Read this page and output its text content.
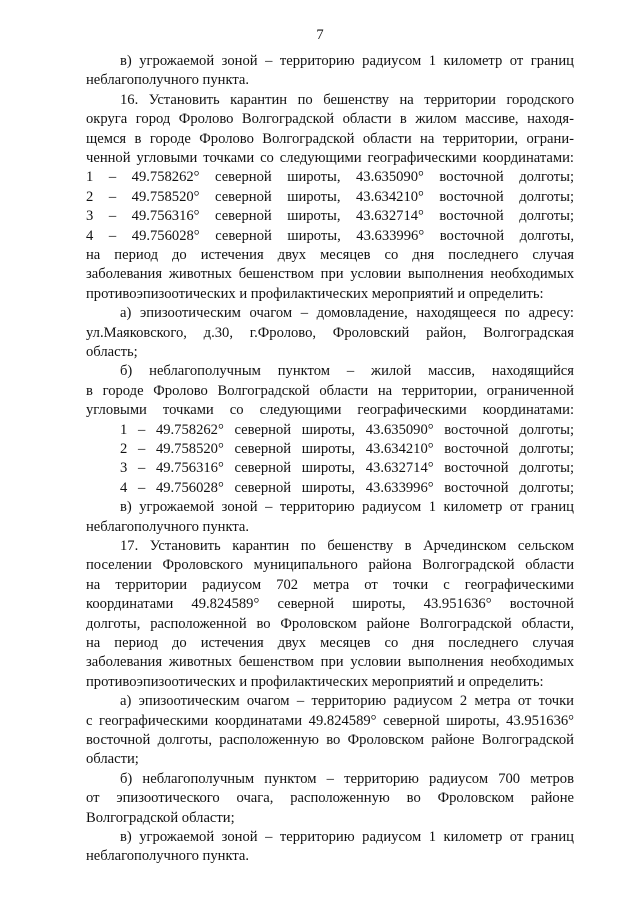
7
в) угрожаемой зоной – территорию радиусом 1 километр от границ
неблагополучного пункта.
16. Установить карантин по бешенству на территории городского
округа город Фролово Волгоградской области в жилом массиве, находя-
щемся в городе Фролово Волгоградской области на территории, ограни-
ченной угловыми точками со следующими географическими координатами:
1 – 49.758262° северной широты, 43.635090° восточной долготы;
2 – 49.758520° северной широты, 43.634210° восточной долготы;
3 – 49.756316° северной широты, 43.632714° восточной долготы;
4 – 49.756028° северной широты, 43.633996° восточной долготы,
на период до истечения двух месяцев со дня последнего случая
заболевания животных бешенством при условии выполнения необходимых
противоэпизоотических и профилактических мероприятий и определить:
а) эпизоотическим очагом – домовладение, находящееся по адресу:
ул.Маяковского, д.30, г.Фролово, Фроловский район, Волгоградская
область;
б) неблагополучным пунктом – жилой массив, находящийся
в городе Фролово Волгоградской области на территории, ограниченной
угловыми точками со следующими географическими координатами:
1 – 49.758262° северной широты, 43.635090° восточной долготы;
2 – 49.758520° северной широты, 43.634210° восточной долготы;
3 – 49.756316° северной широты, 43.632714° восточной долготы;
4 – 49.756028° северной широты, 43.633996° восточной долготы;
в) угрожаемой зоной – территорию радиусом 1 километр от границ
неблагополучного пункта.
17. Установить карантин по бешенству в Арчединском сельском
поселении Фроловского муниципального района Волгоградской области
на территории радиусом 702 метра от точки с географическими
координатами 49.824589° северной широты, 43.951636° восточной
долготы, расположенной во Фроловском районе Волгоградской области,
на период до истечения двух месяцев со дня последнего случая
заболевания животных бешенством при условии выполнения необходимых
противоэпизоотических и профилактических мероприятий и определить:
а) эпизоотическим очагом – территорию радиусом 2 метра от точки
с географическими координатами 49.824589° северной широты, 43.951636°
восточной долготы, расположенную во Фроловском районе Волгоградской
области;
б) неблагополучным пунктом – территорию радиусом 700 метров
от эпизоотического очага, расположенную во Фроловском районе
Волгоградской области;
в) угрожаемой зоной – территорию радиусом 1 километр от границ
неблагополучного пункта.
